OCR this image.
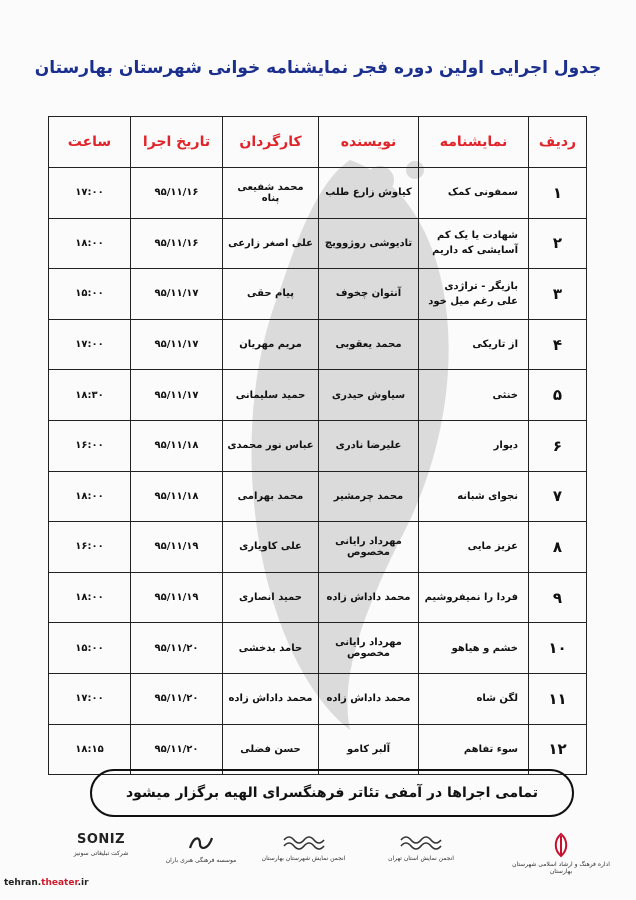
جدول اجرایی اولین دوره فجر نمایشنامه خوانی شهرستان بهارستان
ردیف	نمایشنامه	نویسنده	کارگردان	تاریخ اجرا	ساعت
۱	سمفونی کمک	کیاوش زارع طلب	محمد شفیعی پناه	۹۵/۱۱/۱۶	۱۷:۰۰
۲	شهادت یا یک کم آسایشی که داریم	تادیوشی روژوویچ	علی اصغر زارعی	۹۵/۱۱/۱۶	۱۸:۰۰
۳	بازیگر - تراژدی علی رغم میل خود	آنتوان چخوف	پیام حقی	۹۵/۱۱/۱۷	۱۵:۰۰
۴	از تاریکی	محمد یعقوبی	مریم مهریان	۹۵/۱۱/۱۷	۱۷:۰۰
۵	خنثی	سیاوش حیدری	حمید سلیمانی	۹۵/۱۱/۱۷	۱۸:۳۰
۶	دیوار	علیرضا نادری	عباس نور محمدی	۹۵/۱۱/۱۸	۱۶:۰۰
۷	نجوای شبانه	محمد چرمشیر	محمد بهرامی	۹۵/۱۱/۱۸	۱۸:۰۰
۸	عزیز مایی	مهرداد رایانی مخصوص	علی کاویاری	۹۵/۱۱/۱۹	۱۶:۰۰
۹	فردا را نمیفروشیم	محمد داداش زاده	حمید انصاری	۹۵/۱۱/۱۹	۱۸:۰۰
۱۰	خشم و هیاهو	مهرداد رایانی مخصوص	حامد بدخشی	۹۵/۱۱/۲۰	۱۵:۰۰
۱۱	لگن شاه	محمد داداش زاده	محمد داداش زاده	۹۵/۱۱/۲۰	۱۷:۰۰
۱۲	سوء تفاهم	آلبر کامو	حسن فضلی	۹۵/۱۱/۲۰	۱۸:۱۵
تمامی اجراها در آمفی تئاتر فرهنگسرای الهیه برگزار میشود
اداره فرهنگ و ارشاد اسلامی شهرستان بهارستان
انجمن نمایش استان تهران
انجمن نمایش شهرستان بهارستان
موسسه فرهنگی هنری باران
SONIZ
شرکت تبلیغاتی سونیز
tehran.theater.ir
